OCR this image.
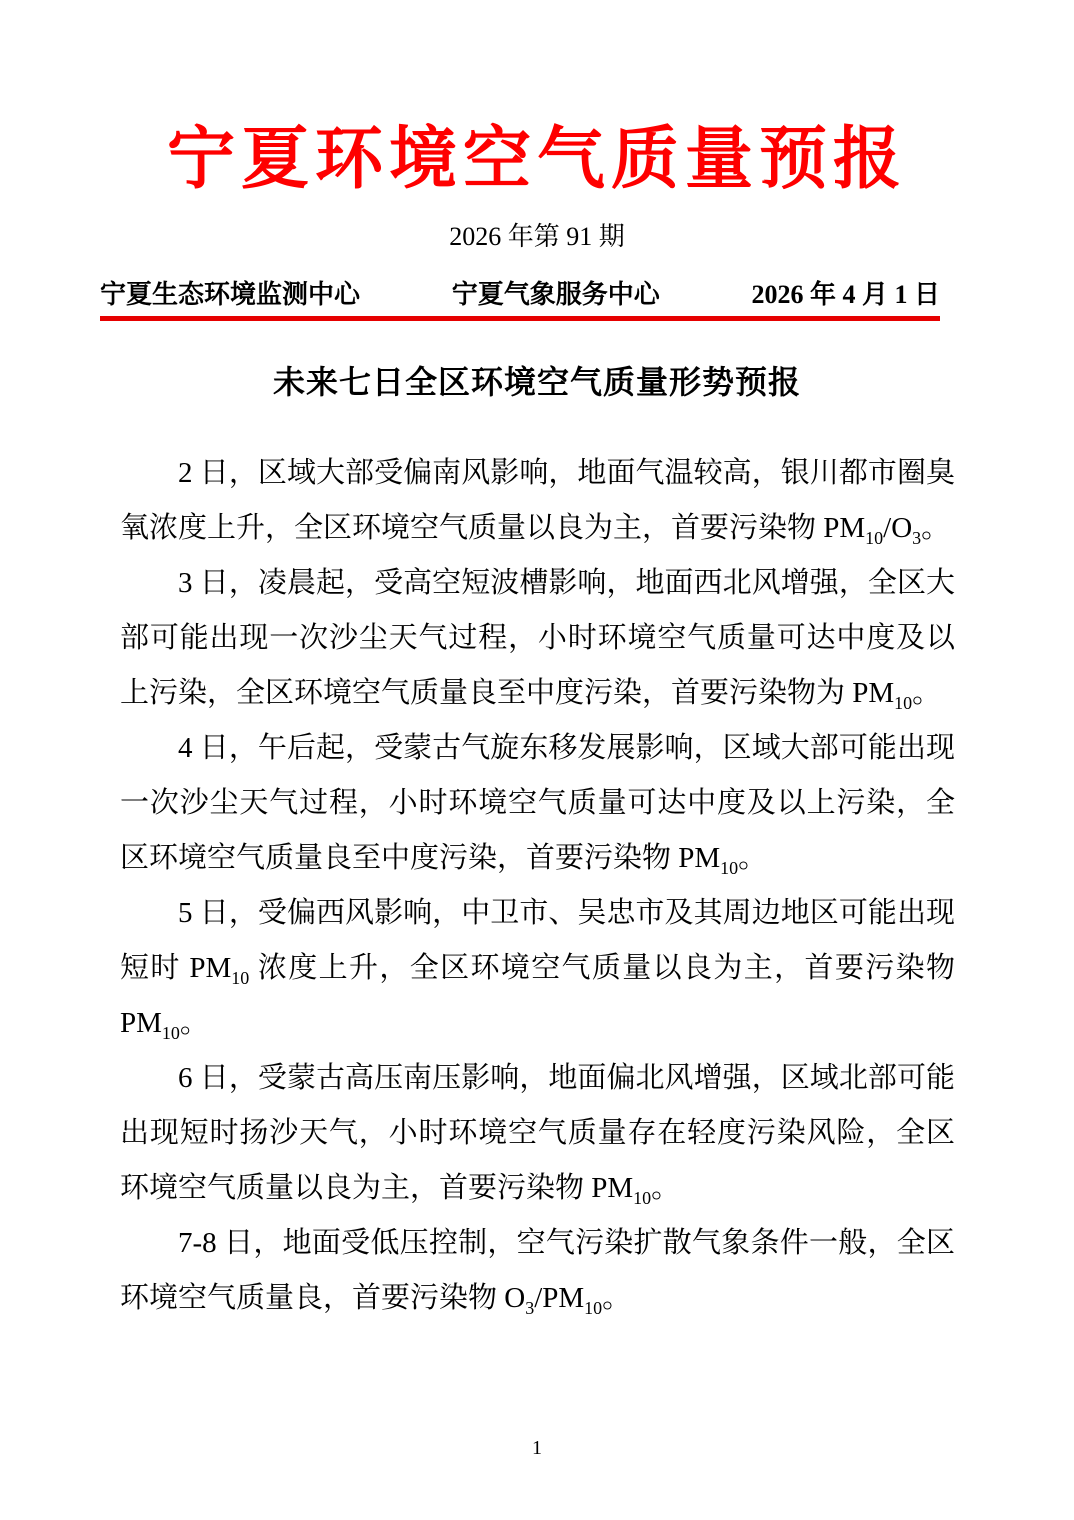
宁夏环境空气质量预报
2026 年第 91 期
宁夏生态环境监测中心	宁夏气象服务中心	2026 年 4 月 1 日
未来七日全区环境空气质量形势预报

2 日，区域大部受偏南风影响，地面气温较高，银川都市圈臭氧浓度上升，全区环境空气质量以良为主，首要污染物 $PM_{10}/O_3$。

3 日，凌晨起，受高空短波槽影响，地面西北风增强，全区大部可能出现一次沙尘天气过程，小时环境空气质量可达中度及以上污染，全区环境空气质量良至中度污染，首要污染物为 $PM_{10}$。

4 日，午后起，受蒙古气旋东移发展影响，区域大部可能出现一次沙尘天气过程，小时环境空气质量可达中度及以上污染，全区环境空气质量良至中度污染，首要污染物 $PM_{10}$。

5 日，受偏西风影响，中卫市、吴忠市及其周边地区可能出现短时 $PM_{10}$ 浓度上升，全区环境空气质量以良为主，首要污染物 $PM_{10}$。

6 日，受蒙古高压南压影响，地面偏北风增强，区域北部可能出现短时扬沙天气，小时环境空气质量存在轻度污染风险，全区环境空气质量以良为主，首要污染物 $PM_{10}$。

7-8 日，地面受低压控制，空气污染扩散气象条件一般，全区环境空气质量良，首要污染物 $O_3/PM_{10}$。

1
